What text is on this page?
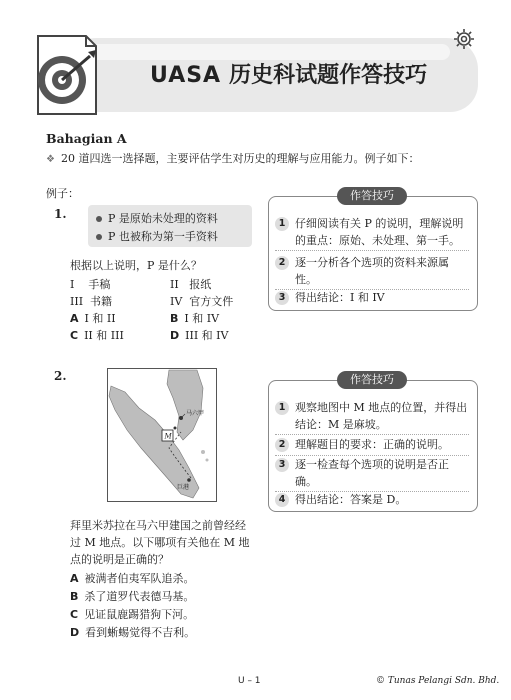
UASA 历史科试题作答技巧
Bahagian A
❖ 20 道四选一选择题，主要评估学生对历史的理解与应用能力。例子如下：
例子：
1.	P 是原始未处理的资料
P 也被称为第一手资料
根据以上说明，P 是什么？
I 手稿	II 报纸
III 书籍	IV 官方文件
A I 和 II	B I 和 IV
C II 和 III	D III 和 IV
作答技巧
1 仔细阅读有关 P 的说明，理解说明
的重点：原始、未处理、第一手。
2 逐一分析各个选项的资料来源属
性。
3 得出结论：I 和 IV
2.
马六甲
M
巨港
拜里米苏拉在马六甲建国之前曾经经
过 M 地点。以下哪项有关他在 M 地
点的说明是正确的？
A 被满者伯夷军队追杀。
B 杀了道罗代表德马基。
C 见证鼠鹿踢猎狗下河。
D 看到蜥蜴觉得不吉利。
作答技巧
1 观察地图中 M 地点的位置，并得出
结论：M 是麻坡。
2 理解题目的要求：正确的说明。
3 逐一检查每个选项的说明是否正
确。
4 得出结论：答案是 D。
U – 1	© Tunas Pelangi Sdn. Bhd.
